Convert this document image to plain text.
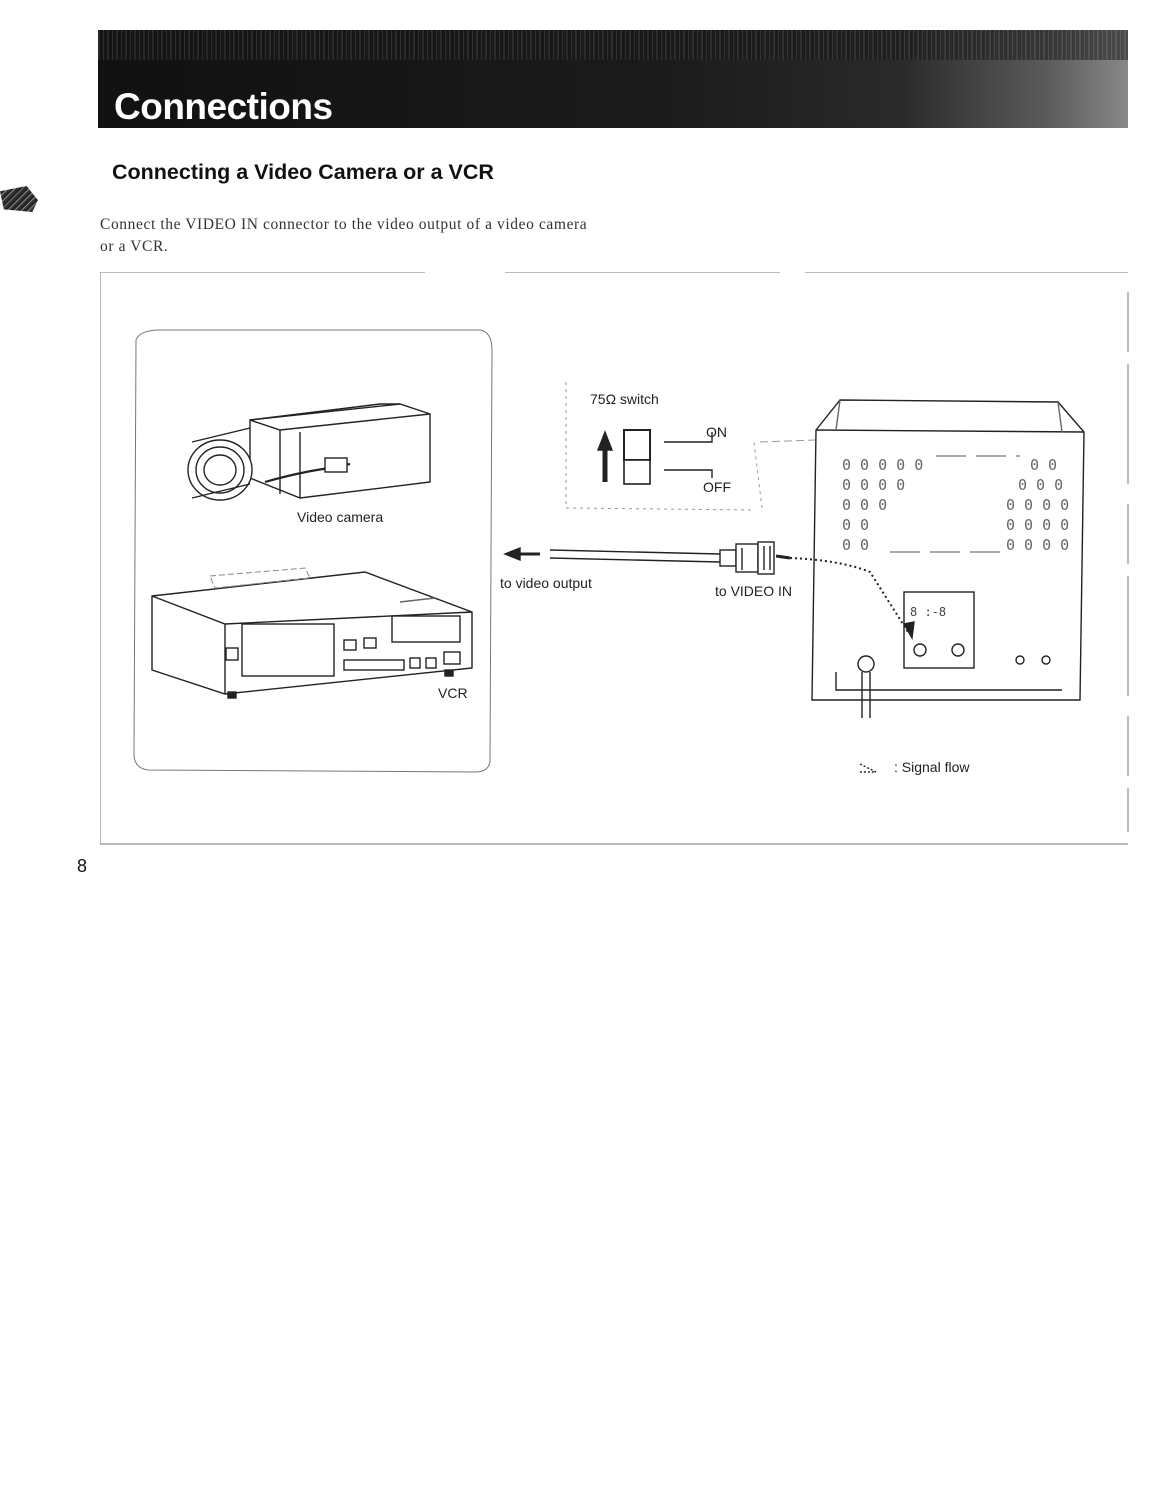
Connections
Connecting a Video Camera or a VCR

Connect the VIDEO IN connector to the video output of a video camera or a VCR.

0 0 0 0 0
0 0 0 0
0 0 0
0 0
0 0
0 0
0 0 0
0 0 0 0
0 0 0 0
0 0 0 0
8 :-8
75Ω switch
ON
OFF
Video camera
VCR
to video output	to VIDEO IN
: Signal flow
8
